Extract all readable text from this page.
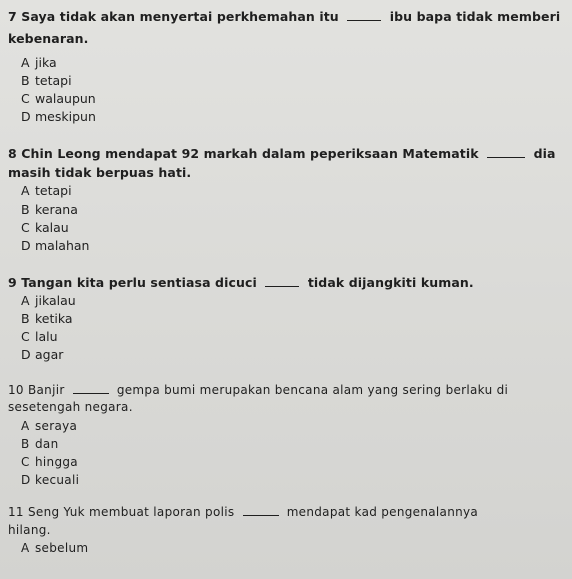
7 Saya tidak akan menyertai perkhemahan itu	ibu bapa tidak memberi
kebenaran.
A jika
B tetapi
C walaupun
D meskipun
8 Chin Leong mendapat 92 markah dalam peperiksaan Matematik	dia
masih tidak berpuas hati.
A tetapi
B kerana
C kalau
D malahan
9 Tangan kita perlu sentiasa dicuci	tidak dijangkiti kuman.
A jikalau
B ketika
C lalu
D agar
10 Banjir	gempa bumi merupakan bencana alam yang sering berlaku di
sesetengah negara.
A seraya
B dan
C hingga
D kecuali
11 Seng Yuk membuat laporan polis	mendapat kad pengenalannya
hilang.
A sebelum
